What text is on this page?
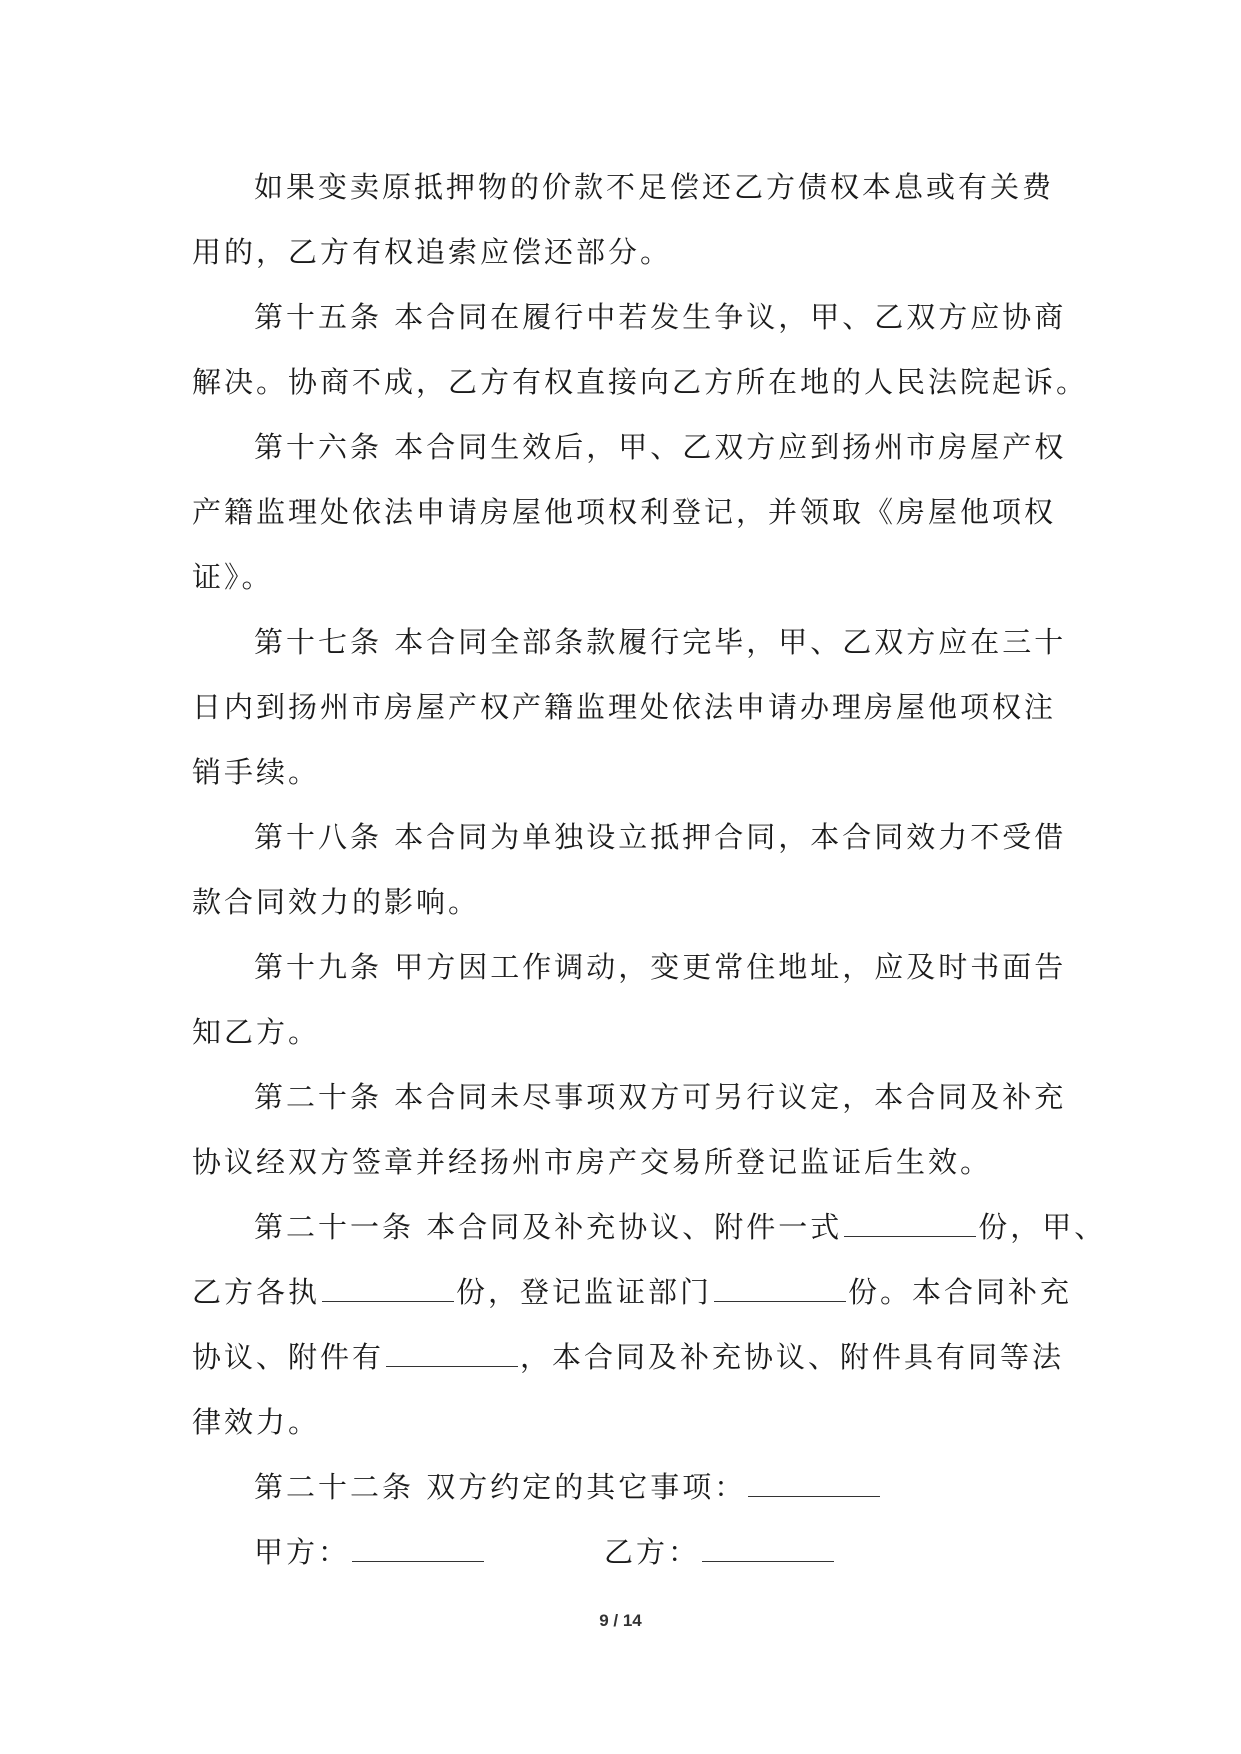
如果变卖原抵押物的价款不足偿还乙方债权本息或有关费
用的，乙方有权追索应偿还部分。
第十五条 本合同在履行中若发生争议，甲、乙双方应协商
解决。协商不成，乙方有权直接向乙方所在地的人民法院起诉。
第十六条 本合同生效后，甲、乙双方应到扬州市房屋产权
产籍监理处依法申请房屋他项权利登记，并领取《房屋他项权
证》。
第十七条 本合同全部条款履行完毕，甲、乙双方应在三十
日内到扬州市房屋产权产籍监理处依法申请办理房屋他项权注
销手续。
第十八条 本合同为单独设立抵押合同，本合同效力不受借
款合同效力的影响。
第十九条 甲方因工作调动，变更常住地址，应及时书面告
知乙方。
第二十条 本合同未尽事项双方可另行议定，本合同及补充
协议经双方签章并经扬州市房产交易所登记监证后生效。
第二十一条 本合同及补充协议、附件一式	份，甲、
乙方各执	份，登记监证部门	份。本合同补充
协议、附件有	，本合同及补充协议、附件具有同等法
律效力。
第二十二条 双方约定的其它事项：
甲方：	乙方：
9 / 14
